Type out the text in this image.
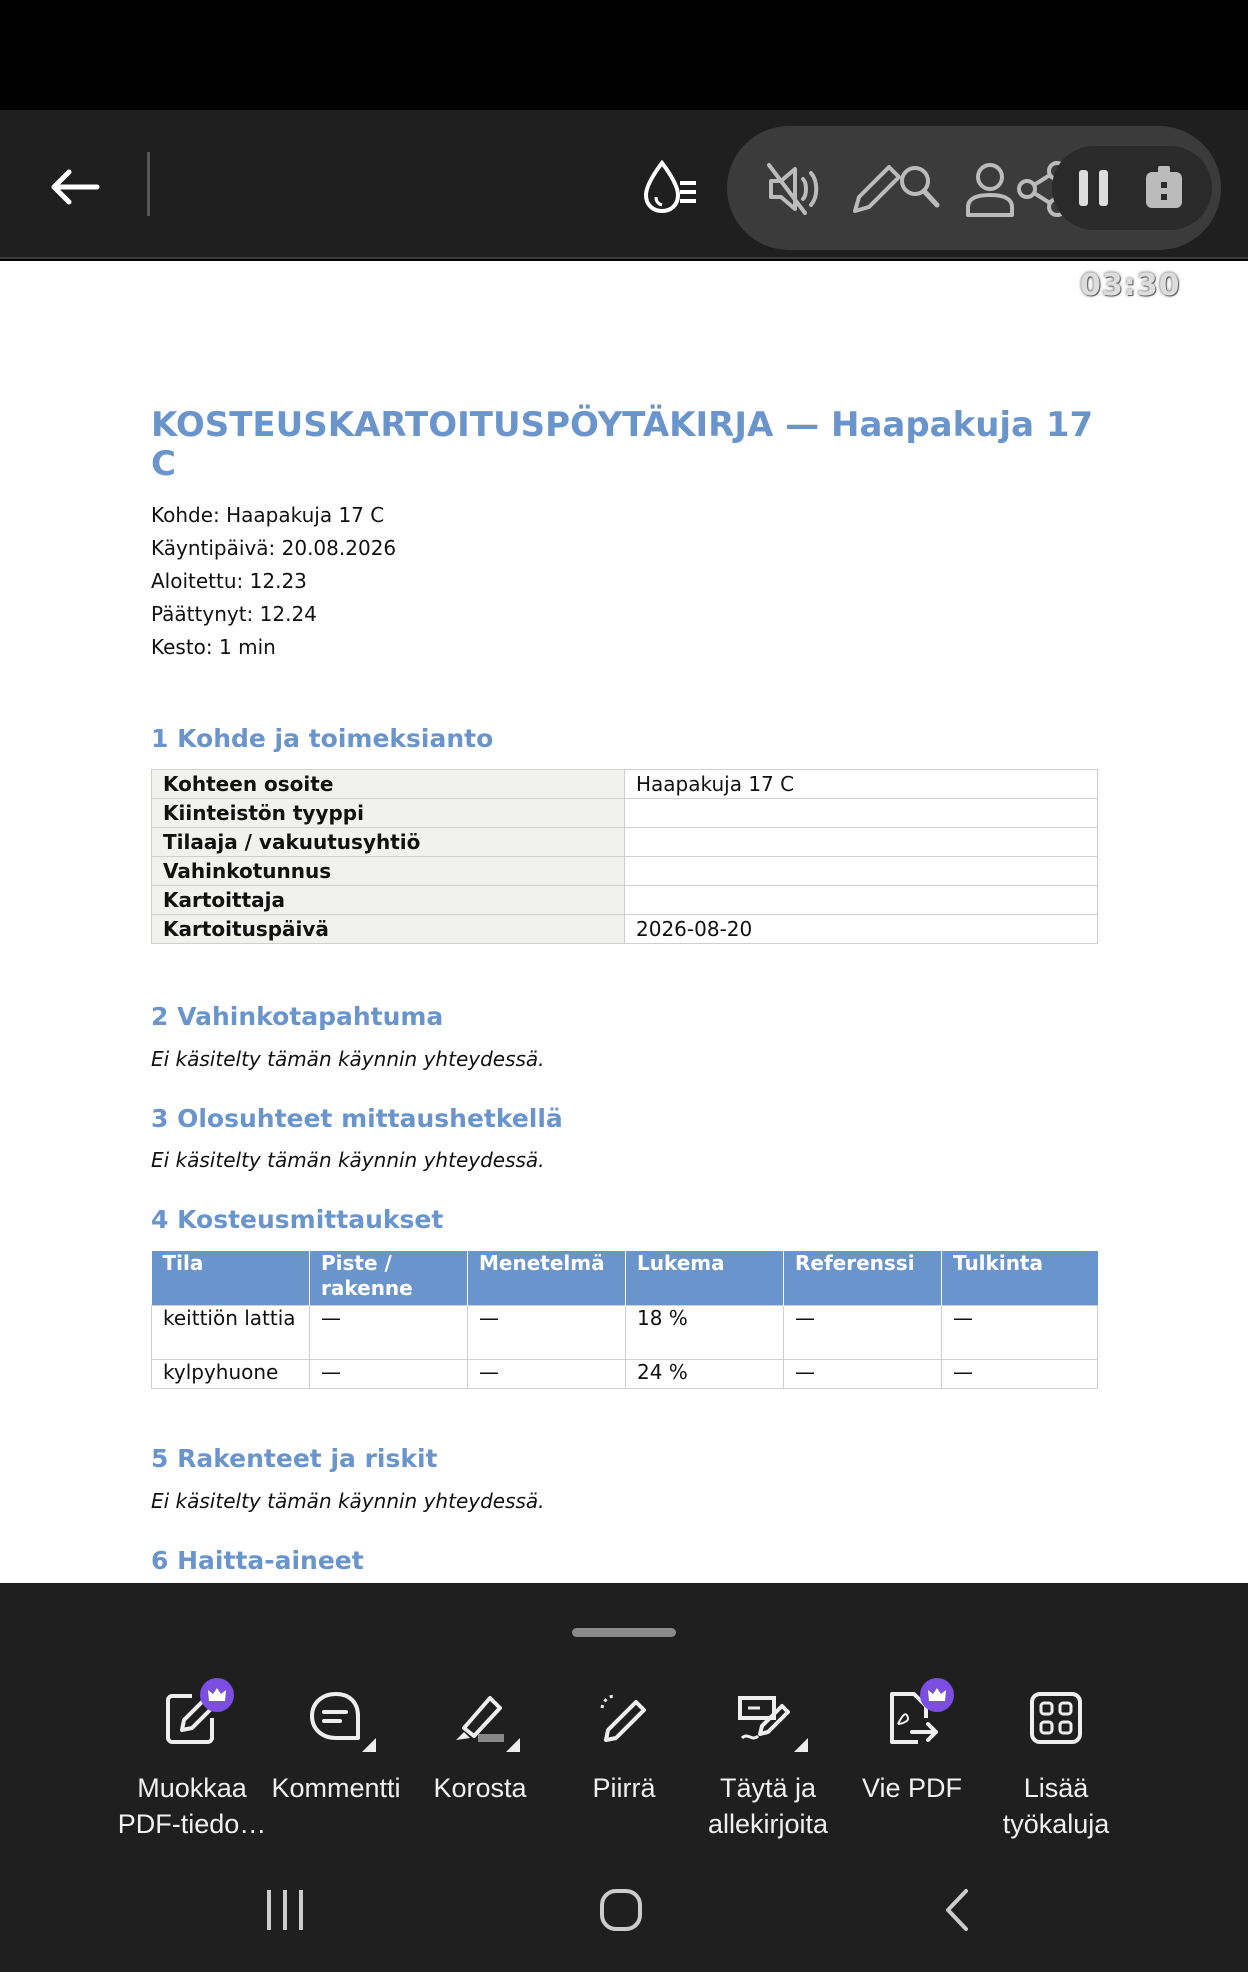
KOSTEUSKARTOITUSPÖYTÄKIRJA — Haapakuja 17 C
Kohde: Haapakuja 17 C
Käyntipäivä: 20.08.2026
Aloitettu: 12.23
Päättynyt: 12.24
Kesto: 1 min
1 Kohde ja toimeksianto
Kohteen osoite	Haapakuja 17 C
Kiinteistön tyyppi	
Tilaaja / vakuutusyhtiö	
Vahinkotunnus	
Kartoittaja	
Kartoituspäivä	2026-08-20
2 Vahinkotapahtuma
Ei käsitelty tämän käynnin yhteydessä.
3 Olosuhteet mittaushetkellä
Ei käsitelty tämän käynnin yhteydessä.
4 Kosteusmittaukset
Tila	Piste / rakenne	Menetelmä	Lukema	Referenssi	Tulkinta
keittiön lattia	—	—	18 %	—	—
kylpyhuone	—	—	24 %	—	—
5 Rakenteet ja riskit
Ei käsitelty tämän käynnin yhteydessä.
6 Haitta-aineet
03:30
Muokkaa
PDF-tiedo…
Kommentti	Korosta	Piirrä	Täytä ja
allekirjoita
Vie PDF	Lisää
työkaluja
